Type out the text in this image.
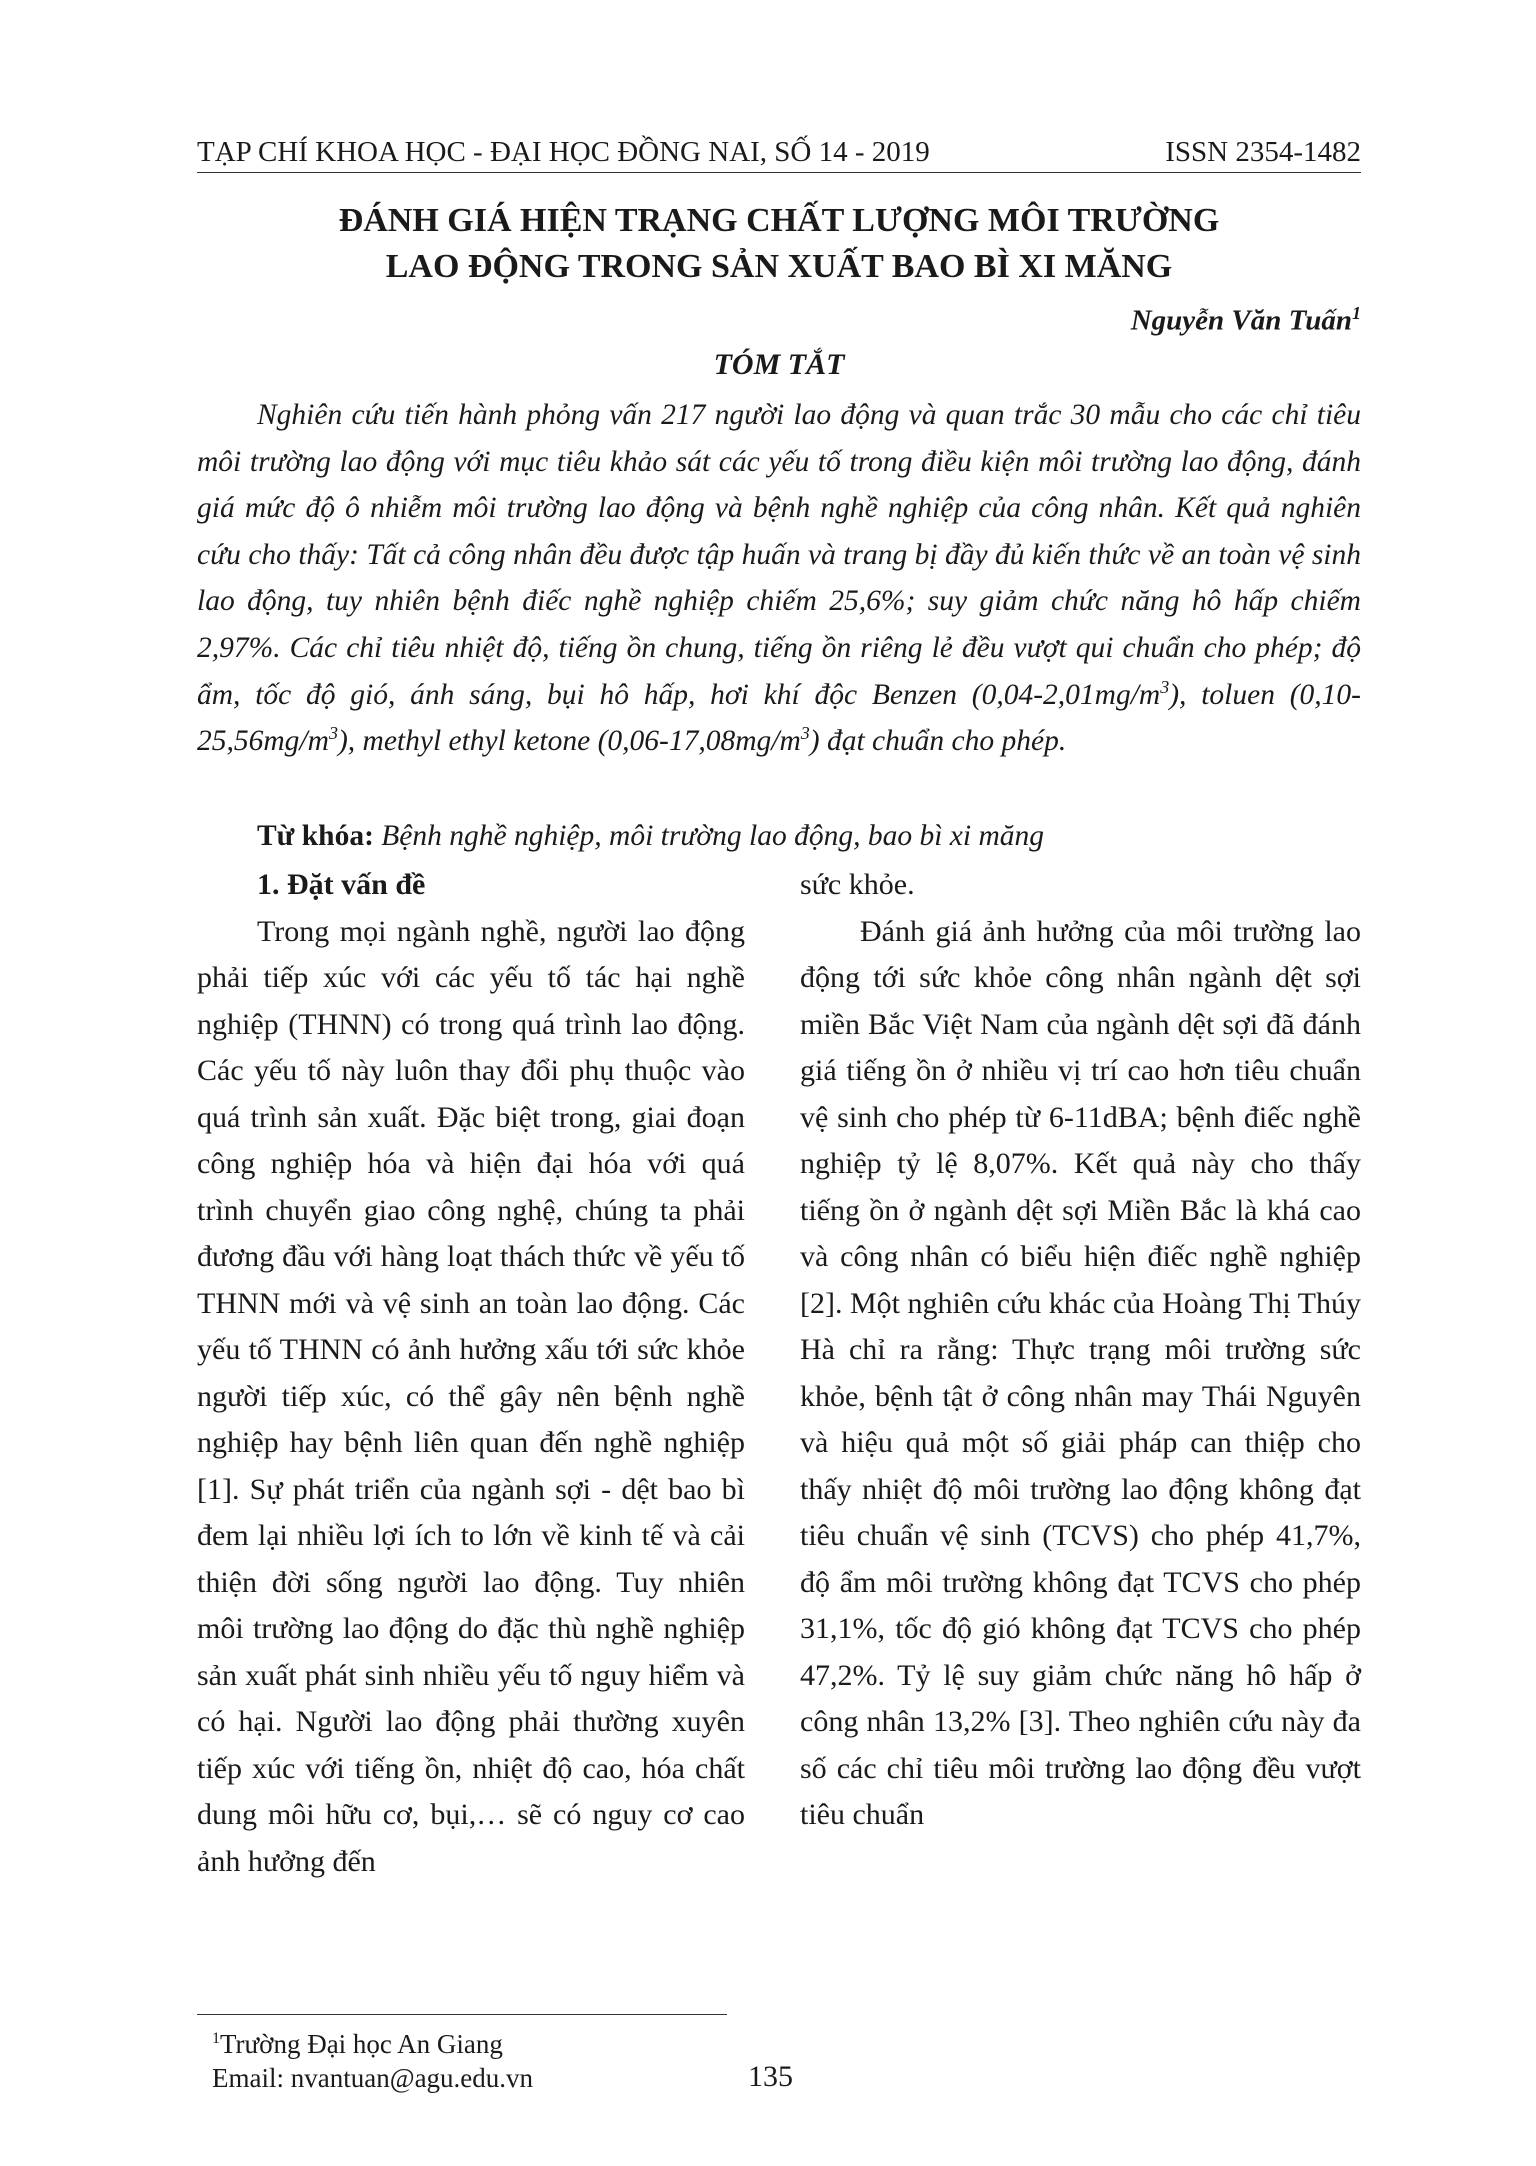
TẠP CHÍ KHOA HỌC - ĐẠI HỌC ĐỒNG NAI, SỐ 14 - 2019	ISSN 2354-1482
ĐÁNH GIÁ HIỆN TRẠNG CHẤT LƯỢNG MÔI TRƯỜNG
LAO ĐỘNG TRONG SẢN XUẤT BAO BÌ XI MĂNG
Nguyễn Văn Tuấn$^1$
TÓM TẮT

Nghiên cứu tiến hành phỏng vấn 217 người lao động và quan trắc 30 mẫu cho các chỉ tiêu môi trường lao động với mục tiêu khảo sát các yếu tố trong điều kiện môi trường lao động, đánh giá mức độ ô nhiễm môi trường lao động và bệnh nghề nghiệp của công nhân. Kết quả nghiên cứu cho thấy: Tất cả công nhân đều được tập huấn và trang bị đầy đủ kiến thức về an toàn vệ sinh lao động, tuy nhiên bệnh điếc nghề nghiệp chiếm 25,6%; suy giảm chức năng hô hấp chiếm 2,97%. Các chỉ tiêu nhiệt độ, tiếng ồn chung, tiếng ồn riêng lẻ đều vượt qui chuẩn cho phép; độ ẩm, tốc độ gió, ánh sáng, bụi hô hấp, hơi khí độc Benzen $(0,04-2,01mg/m^3)$, toluen $(0,10-25,56mg/m^3)$, methyl ethyl ketone $(0,06-17,08mg/m^3)$ đạt chuẩn cho phép.

Từ khóa: Bệnh nghề nghiệp, môi trường lao động, bao bì xi măng

1. Đặt vấn đề

Trong mọi ngành nghề, người lao động phải tiếp xúc với các yếu tố tác hại nghề nghiệp (THNN) có trong quá trình lao động. Các yếu tố này luôn thay đổi phụ thuộc vào quá trình sản xuất. Đặc biệt trong, giai đoạn công nghiệp hóa và hiện đại hóa với quá trình chuyển giao công nghệ, chúng ta phải đương đầu với hàng loạt thách thức về yếu tố THNN mới và vệ sinh an toàn lao động. Các yếu tố THNN có ảnh hưởng xấu tới sức khỏe người tiếp xúc, có thể gây nên bệnh nghề nghiệp hay bệnh liên quan đến nghề nghiệp [1]. Sự phát triển của ngành sợi - dệt bao bì đem lại nhiều lợi ích to lớn về kinh tế và cải thiện đời sống người lao động. Tuy nhiên môi trường lao động do đặc thù nghề nghiệp sản xuất phát sinh nhiều yếu tố nguy hiểm và có hại. Người lao động phải thường xuyên tiếp xúc với tiếng ồn, nhiệt độ cao, hóa chất dung môi hữu cơ, bụi,… sẽ có nguy cơ cao ảnh hưởng đến

sức khỏe.

Đánh giá ảnh hưởng của môi trường lao động tới sức khỏe công nhân ngành dệt sợi miền Bắc Việt Nam của ngành dệt sợi đã đánh giá tiếng ồn ở nhiều vị trí cao hơn tiêu chuẩn vệ sinh cho phép từ 6-11dBA; bệnh điếc nghề nghiệp tỷ lệ 8,07%. Kết quả này cho thấy tiếng ồn ở ngành dệt sợi Miền Bắc là khá cao và công nhân có biểu hiện điếc nghề nghiệp [2]. Một nghiên cứu khác của Hoàng Thị Thúy Hà chỉ ra rằng: Thực trạng môi trường sức khỏe, bệnh tật ở công nhân may Thái Nguyên và hiệu quả một số giải pháp can thiệp cho thấy nhiệt độ môi trường lao động không đạt tiêu chuẩn vệ sinh (TCVS) cho phép 41,7%, độ ẩm môi trường không đạt TCVS cho phép 31,1%, tốc độ gió không đạt TCVS cho phép 47,2%. Tỷ lệ suy giảm chức năng hô hấp ở công nhân 13,2% [3]. Theo nghiên cứu này đa số các chỉ tiêu môi trường lao động đều vượt tiêu chuẩn

$^1$Trường Đại học An Giang
Email: nvantuan@agu.edu.vn	135
